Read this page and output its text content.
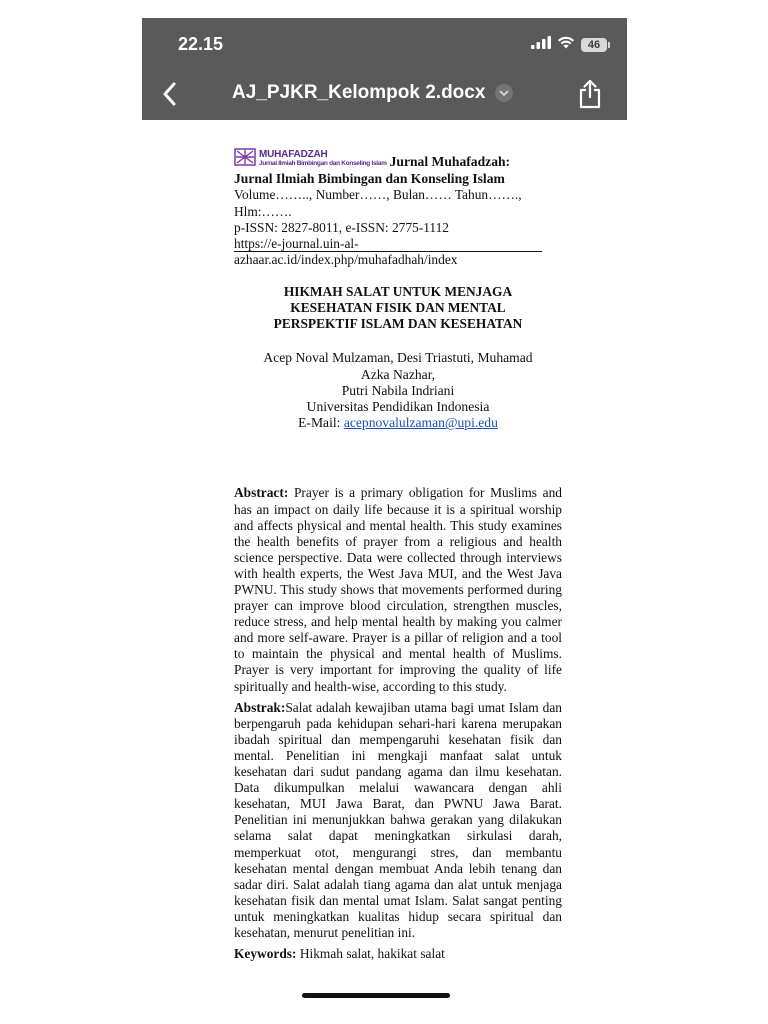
22.15	46
AJ_PJKR_Kelompok 2.docx
MUHAFADZAH
Jurnal Ilmiah Bimbingan dan Konseling Islam Jurnal Muhafadzah:
Jurnal Ilmiah Bimbingan dan Konseling Islam
Volume…….., Number……, Bulan…… Tahun…….,
Hlm:…….
p-ISSN: 2827-8011, e-ISSN: 2775-1112
https://e-journal.uin-al-
azhaar.ac.id/index.php/muhafadhah/index
HIKMAH SALAT UNTUK MENJAGA
KESEHATAN FISIK DAN MENTAL
PERSPEKTIF ISLAM DAN KESEHATAN
Acep Noval Mulzaman, Desi Triastuti, Muhamad
Azka Nazhar,
Putri Nabila Indriani
Universitas Pendidikan Indonesia
E-Mail: acepnovalulzaman@upi.edu
Abstract: Prayer is a primary obligation for Muslims and has an impact on daily life because it is a spiritual worship and affects physical and mental health. This study examines the health benefits of prayer from a religious and health science perspective. Data were collected through interviews with health experts, the West Java MUI, and the West Java PWNU. This study shows that movements performed during prayer can improve blood circulation, strengthen muscles, reduce stress, and help mental health by making you calmer and more self-aware. Prayer is a pillar of religion and a tool to maintain the physical and mental health of Muslims. Prayer is very important for improving the quality of life spiritually and health-wise, according to this study.
Abstrak:Salat adalah kewajiban utama bagi umat Islam dan berpengaruh pada kehidupan sehari-hari karena merupakan ibadah spiritual dan mempengaruhi kesehatan fisik dan mental. Penelitian ini mengkaji manfaat salat untuk kesehatan dari sudut pandang agama dan ilmu kesehatan. Data dikumpulkan melalui wawancara dengan ahli kesehatan, MUI Jawa Barat, dan PWNU Jawa Barat. Penelitian ini menunjukkan bahwa gerakan yang dilakukan selama salat dapat meningkatkan sirkulasi darah, memperkuat otot, mengurangi stres, dan membantu kesehatan mental dengan membuat Anda lebih tenang dan sadar diri. Salat adalah tiang agama dan alat untuk menjaga kesehatan fisik dan mental umat Islam. Salat sangat penting untuk meningkatkan kualitas hidup secara spiritual dan kesehatan, menurut penelitian ini.
Keywords: Hikmah salat, hakikat salat
